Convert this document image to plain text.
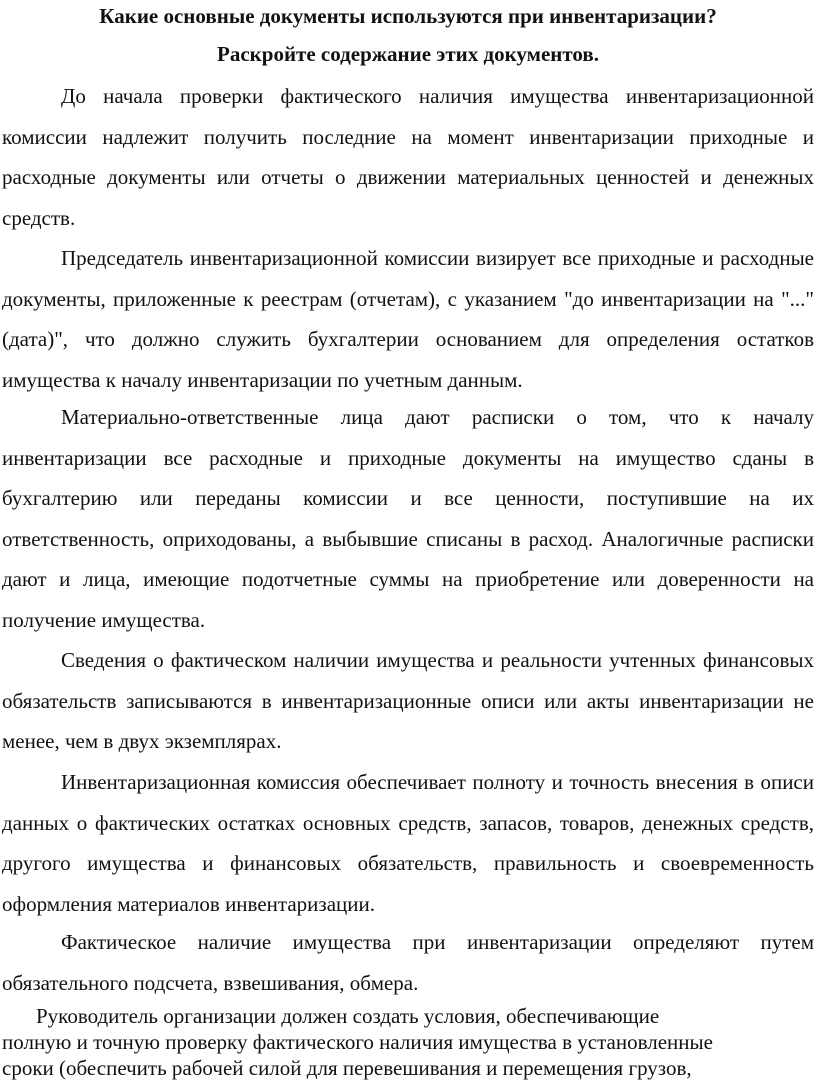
Какие основные документы используются при инвентаризации?
Раскройте содержание этих документов.

До начала проверки фактического наличия имущества инвентаризационной комиссии надлежит получить последние на момент инвентаризации приходные и расходные документы или отчеты о движении материальных ценностей и денежных средств.

Председатель инвентаризационной комиссии визирует все приходные и расходные документы, приложенные к реестрам (отчетам), с указанием "до инвентаризации на "..." (дата)", что должно служить бухгалтерии основанием для определения остатков имущества к началу инвентаризации по учетным данным.

Материально-ответственные лица дают расписки о том, что к началу инвентаризации все расходные и приходные документы на имущество сданы в бухгалтерию или переданы комиссии и все ценности, поступившие на их ответственность, оприходованы, а выбывшие списаны в расход. Аналогичные расписки дают и лица, имеющие подотчетные суммы на приобретение или доверенности на получение имущества.

Сведения о фактическом наличии имущества и реальности учтенных финансовых обязательств записываются в инвентаризационные описи или акты инвентаризации не менее, чем в двух экземплярах.

Инвентаризационная комиссия обеспечивает полноту и точность внесения в описи данных о фактических остатках основных средств, запасов, товаров, денежных средств, другого имущества и финансовых обязательств, правильность и своевременность оформления материалов инвентаризации.

Фактическое наличие имущества при инвентаризации определяют путем обязательного подсчета, взвешивания, обмера.

Руководитель организации должен создать условия, обеспечивающие
полную и точную проверку фактического наличия имущества в установленные
сроки (обеспечить рабочей силой для перевешивания и перемещения грузов,
